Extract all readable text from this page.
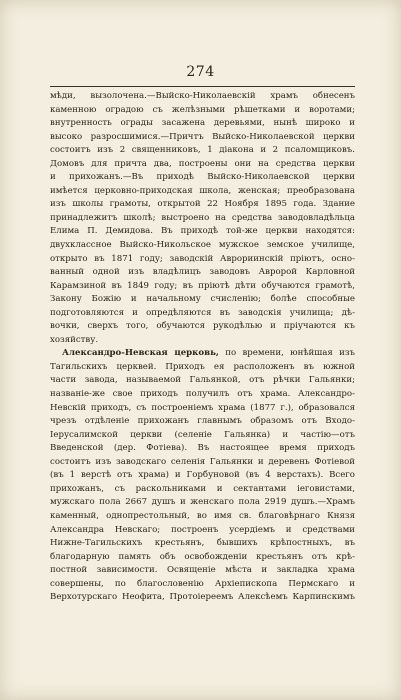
274
мѣди, вызолочена.—Выйско-Николаевскій храмъ обнесенъ
каменною оградою съ желѣзными рѣшетками и воротами;
внутренность ограды засажена деревьями, нынѣ широко и
высоко разросшимися.—Причтъ Выйско-Николаевской церкви
состоитъ изъ 2 священниковъ, 1 діакона и 2 псаломщиковъ.
Домовъ для причта два, построены они на средства церкви
и прихожанъ.—Въ приходѣ Выйско-Николаевской церкви
имѣется церковно-приходская школа, женская; преобразована
изъ школы грамоты, открытой 22 Ноября 1895 года. Здание
принадлежитъ школѣ; выстроено на средства заводовладѣльца
Елима П. Демидова. Въ приходѣ той-же церкви находятся:
двухклассное Выйско-Никольское мужское земское училище,
открыто въ 1871 году; заводскій Аврориинскій пріютъ, осно-
ванный одной изъ владѣлицъ заводовъ Авророй Карловной
Карамзиной въ 1849 году; въ пріютѣ дѣти обучаются грамотѣ,
Закону Божію и начальному счисленію; болѣе способные
подготовляются и опредѣляются въ заводскія училища; дѣ-
вочки, сверхъ того, обучаются рукодѣлью и пріучаются къ
хозяйству.
Александро-Невская церковь, по времени, юнѣйшая изъ
Тагильскихъ церквей. Приходъ ея расположенъ въ южной
части завода, называемой Гальянкой, отъ рѣчки Гальянки;
названіе-же свое приходъ получилъ отъ храма. Александро-
Невскій приходъ, съ построеніемъ храма (1877 г.), образовался
чрезъ отдѣленіе прихожанъ главнымъ образомъ отъ Входо-
Іерусалимской церкви (селеніе Гальянка) и частію—отъ
Введенской (дер. Фотіева). Въ настоящее время приходъ
состоитъ изъ заводскаго селенія Гальянки и деревень Фотіевой
(въ 1 верстѣ отъ храма) и Горбуновой (въ 4 верстахъ). Всего
прихожанъ, съ раскольниками и сектантами іеговистами,
мужскаго пола 2667 душъ и женскаго пола 2919 душъ.—Храмъ
каменный, однопрестольный, во имя св. благовѣрнаго Князя
Александра Невскаго; построенъ усердіемъ и средствами
Нижне-Тагильскихъ крестьянъ, бывшихъ крѣпостныхъ, въ
благодарную память объ освобожденіи крестьянъ отъ крѣ-
постной зависимости. Освященіе мѣста и закладка храма
совершены, по благословенію Архіепископа Пермскаго и
Верхотурскаго Неофита, Протоіереемъ Алексѣемъ Карпинскимъ
